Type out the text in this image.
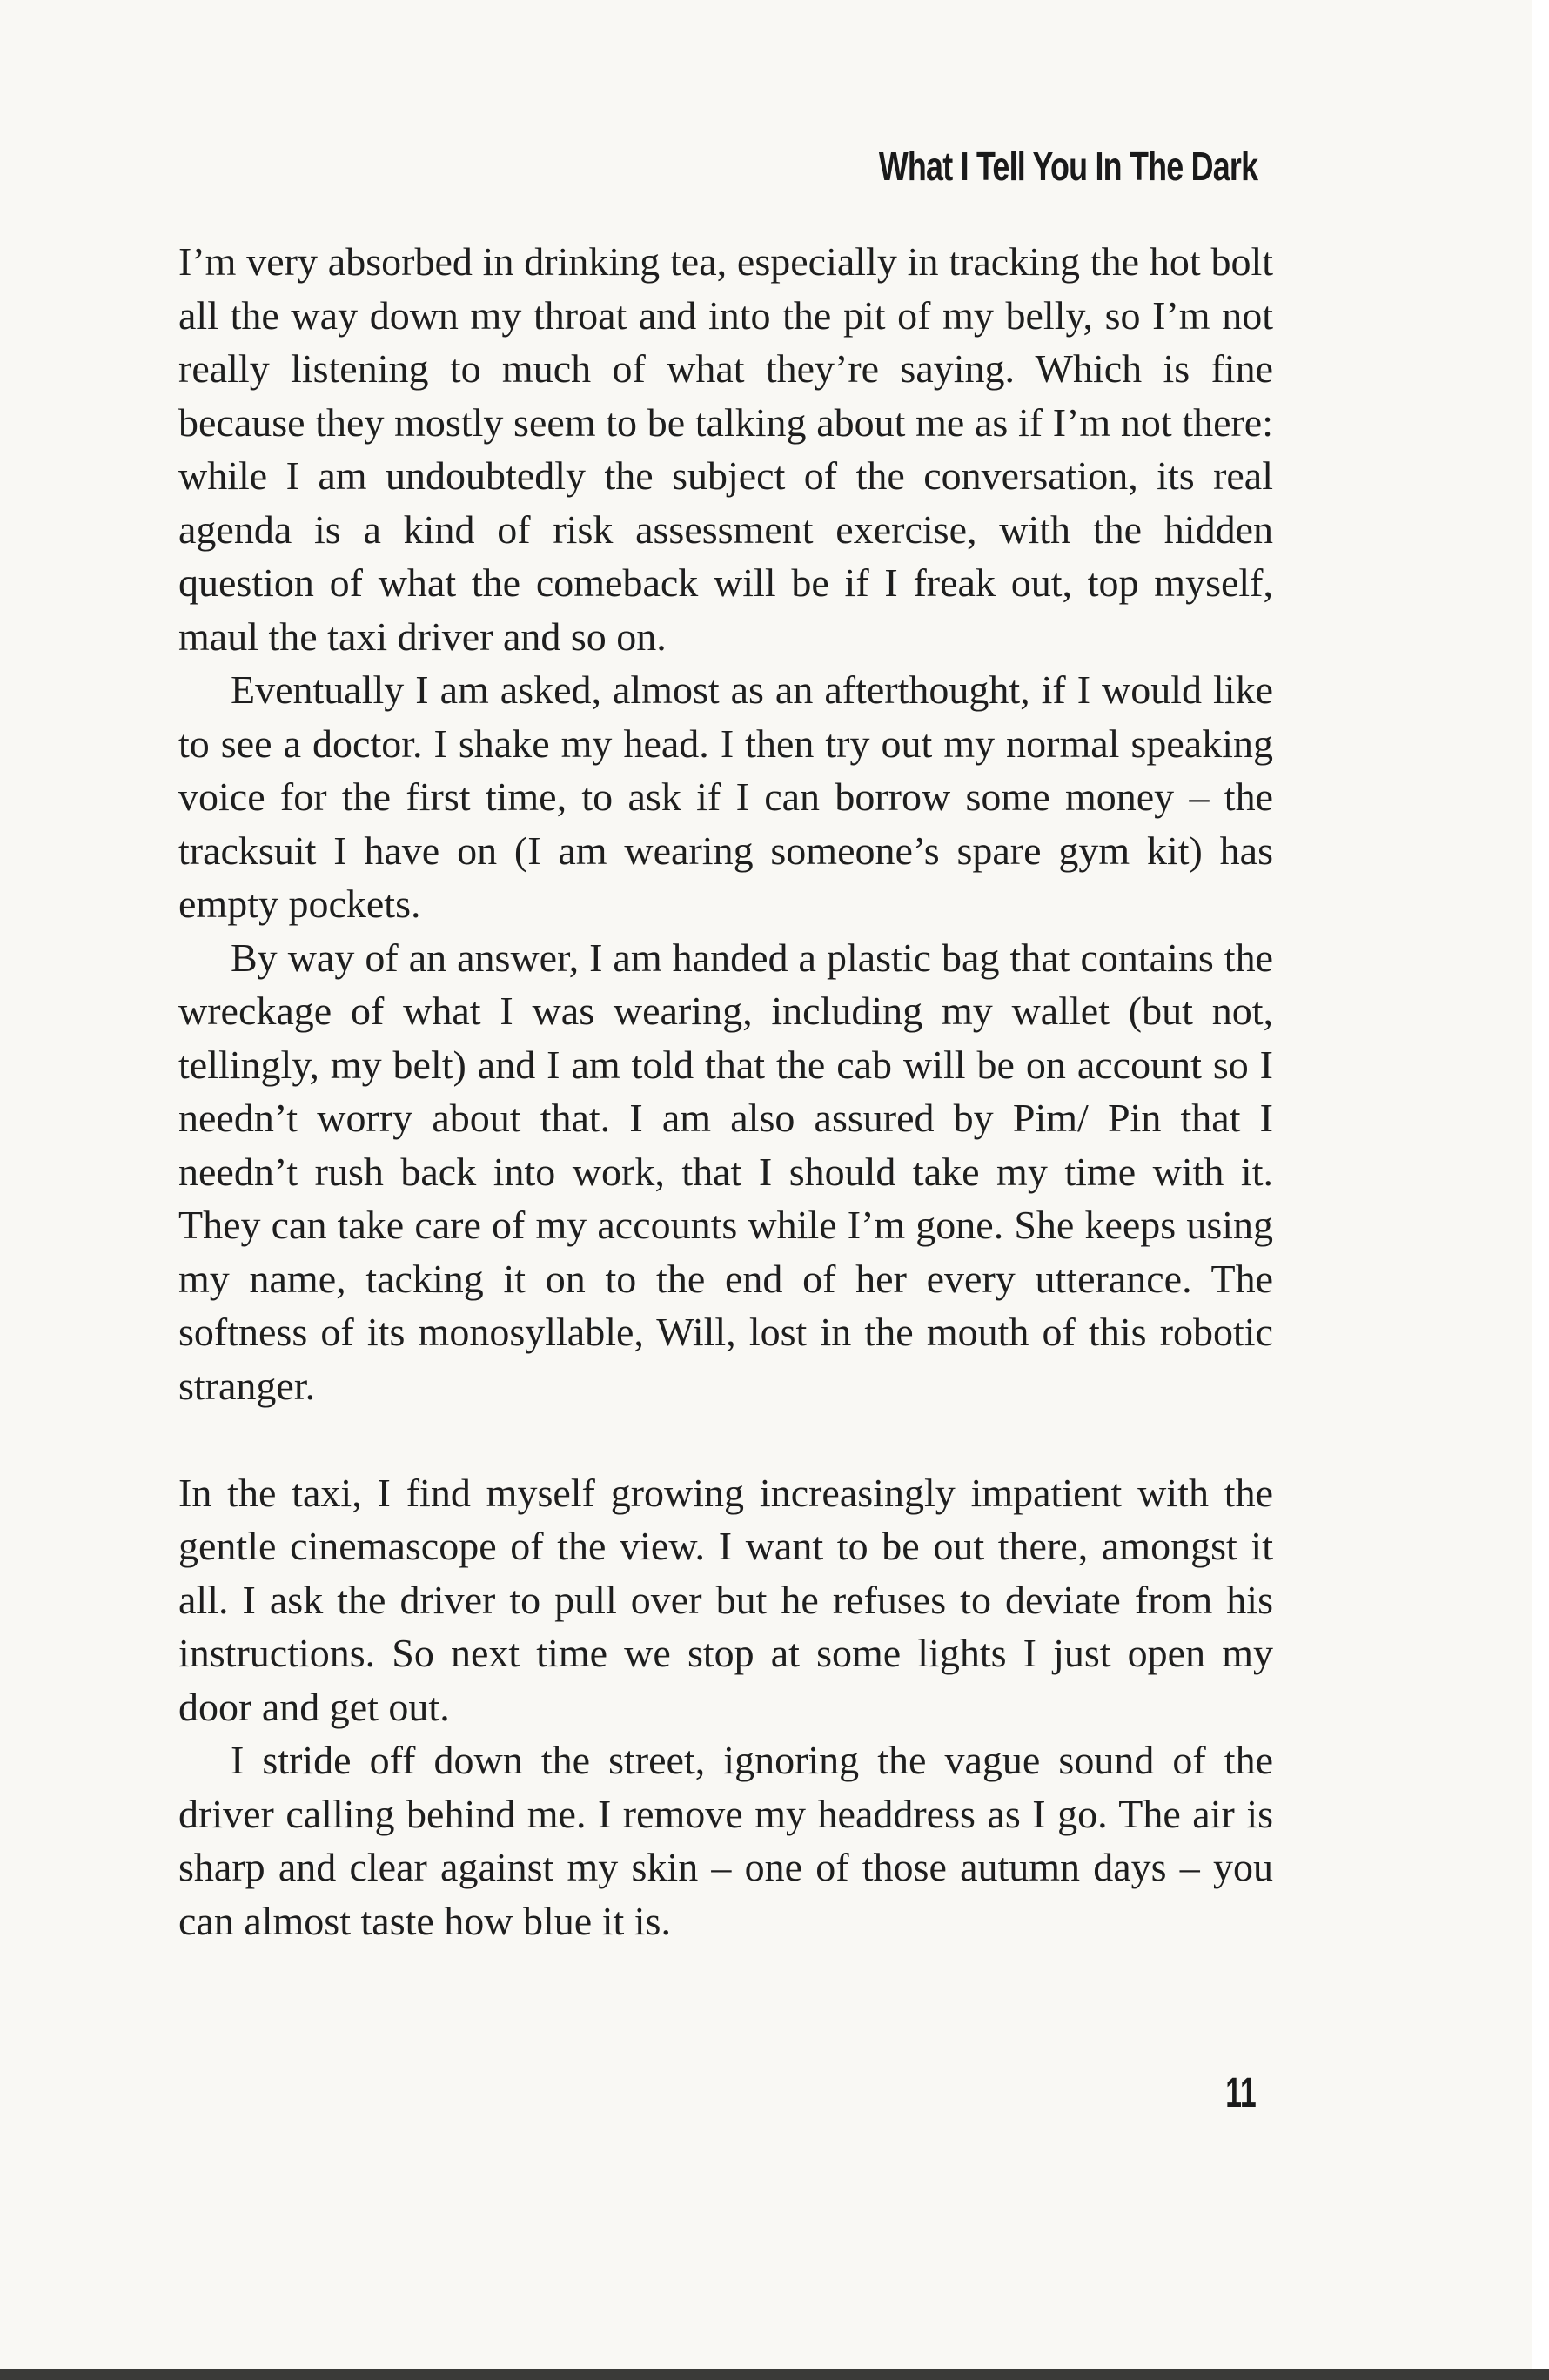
What I Tell You In The Dark

I’m very absorbed in drinking tea, especially in tracking the hot bolt all the way down my throat and into the pit of my belly, so I’m not really listening to much of what they’re saying. Which is fine because they mostly seem to be talking about me as if I’m not there: while I am undoubtedly the subject of the conversation, its real agenda is a kind of risk assessment exercise, with the hidden question of what the comeback will be if I freak out, top myself, maul the taxi driver and so on.

Eventually I am asked, almost as an afterthought, if I would like to see a doctor. I shake my head. I then try out my normal speaking voice for the first time, to ask if I can borrow some money – the tracksuit I have on (I am wearing someone’s spare gym kit) has empty pockets.

By way of an answer, I am handed a plastic bag that contains the wreckage of what I was wearing, including my wallet (but not, tellingly, my belt) and I am told that the cab will be on account so I needn’t worry about that. I am also assured by Pim/ Pin that I needn’t rush back into work, that I should take my time with it. They can take care of my accounts while I’m gone. She keeps using my name, tacking it on to the end of her every utterance. The softness of its monosyllable, Will, lost in the mouth of this robotic stranger.

In the taxi, I find myself growing increasingly impatient with the gentle cinemascope of the view. I want to be out there, amongst it all. I ask the driver to pull over but he refuses to deviate from his instructions. So next time we stop at some lights I just open my door and get out.

I stride off down the street, ignoring the vague sound of the driver calling behind me. I remove my headdress as I go. The air is sharp and clear against my skin – one of those autumn days – you can almost taste how blue it is.

11
